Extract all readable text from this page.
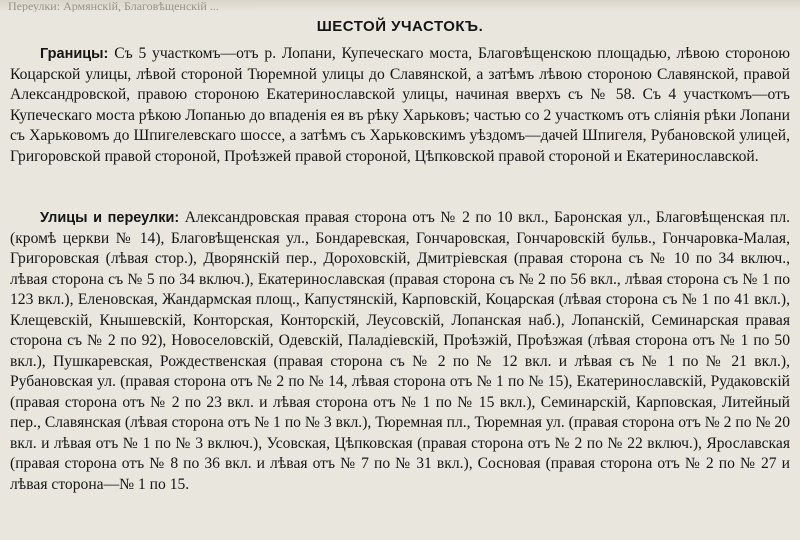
Переулки: Армянскій, Благовѣщенскій ...
ШЕСТОЙ УЧАСТОКЪ.

Границы: Съ 5 участкомъ—отъ р. Лопани, Купеческаго моста, Благовѣщенскою площадью, лѣвою стороною Коцарской улицы, лѣвой стороной Тюремной улицы до Славянской, а затѣмъ лѣвою стороною Славянской, правой Александровской, правою стороною Екатеринославской улицы, начиная вверхъ съ № 58. Съ 4 участкомъ—отъ Купеческаго моста рѣкою Лопанью до впаденія ея въ рѣку Харьковъ; частью со 2 участкомъ отъ сліянія рѣки Лопани съ Харьковомъ до Шпигелевскаго шоссе, а затѣмъ съ Харьковскимъ уѣздомъ—дачей Шпигеля, Рубановской улицей, Григоровской правой стороной, Проѣзжей правой стороной, Цѣпковской правой стороной и Екатеринославской.

Улицы и переулки: Александровская правая сторона отъ № 2 по 10 вкл., Баронская ул., Благовѣщенская пл. (кромѣ церкви № 14), Благовѣщенская ул., Бондаревская, Гончаровская, Гончаровскій бульв., Гончаровка-Малая, Григоровская (лѣвая стор.), Дворянскій пер., Дороховскій, Дмитріевская (правая сторона съ № 10 по 34 включ., лѣвая сторона съ № 5 по 34 включ.), Екатеринославская (правая сторона съ № 2 по 56 вкл., лѣвая сторона съ № 1 по 123 вкл.), Еленовская, Жандармская площ., Капустянскій, Карповскій, Коцарская (лѣвая сторона съ № 1 по 41 вкл.), Клещевскій, Кнышевскій, Конторская, Конторскій, Леусовскій, Лопанская наб.), Лопанскій, Семинарская правая сторона съ № 2 по 92), Новоселовскій, Одевскій, Паладіевскій, Проѣзжій, Проѣзжая (лѣвая сторона отъ № 1 по 50 вкл.), Пушкаревская, Рождественская (правая сторона съ № 2 по № 12 вкл. и лѣвая съ № 1 по № 21 вкл.), Рубановская ул. (правая сторона отъ № 2 по № 14, лѣвая сторона отъ № 1 по № 15), Екатеринославскій, Рудаковскій (правая сторона отъ № 2 по 23 вкл. и лѣвая сторона отъ № 1 по № 15 вкл.), Семинарскій, Карповская, Литейный пер., Славянская (лѣвая сторона отъ № 1 по № 3 вкл.), Тюремная пл., Тюремная ул. (правая сторона отъ № 2 по № 20 вкл. и лѣвая отъ № 1 по № 3 включ.), Усовская, Цѣпковская (правая сторона отъ № 2 по № 22 включ.), Ярославская (правая сторона отъ № 8 по 36 вкл. и лѣвая отъ № 7 по № 31 вкл.), Сосновая (правая сторона отъ № 2 по № 27 и лѣвая сторона—№ 1 по 15.
